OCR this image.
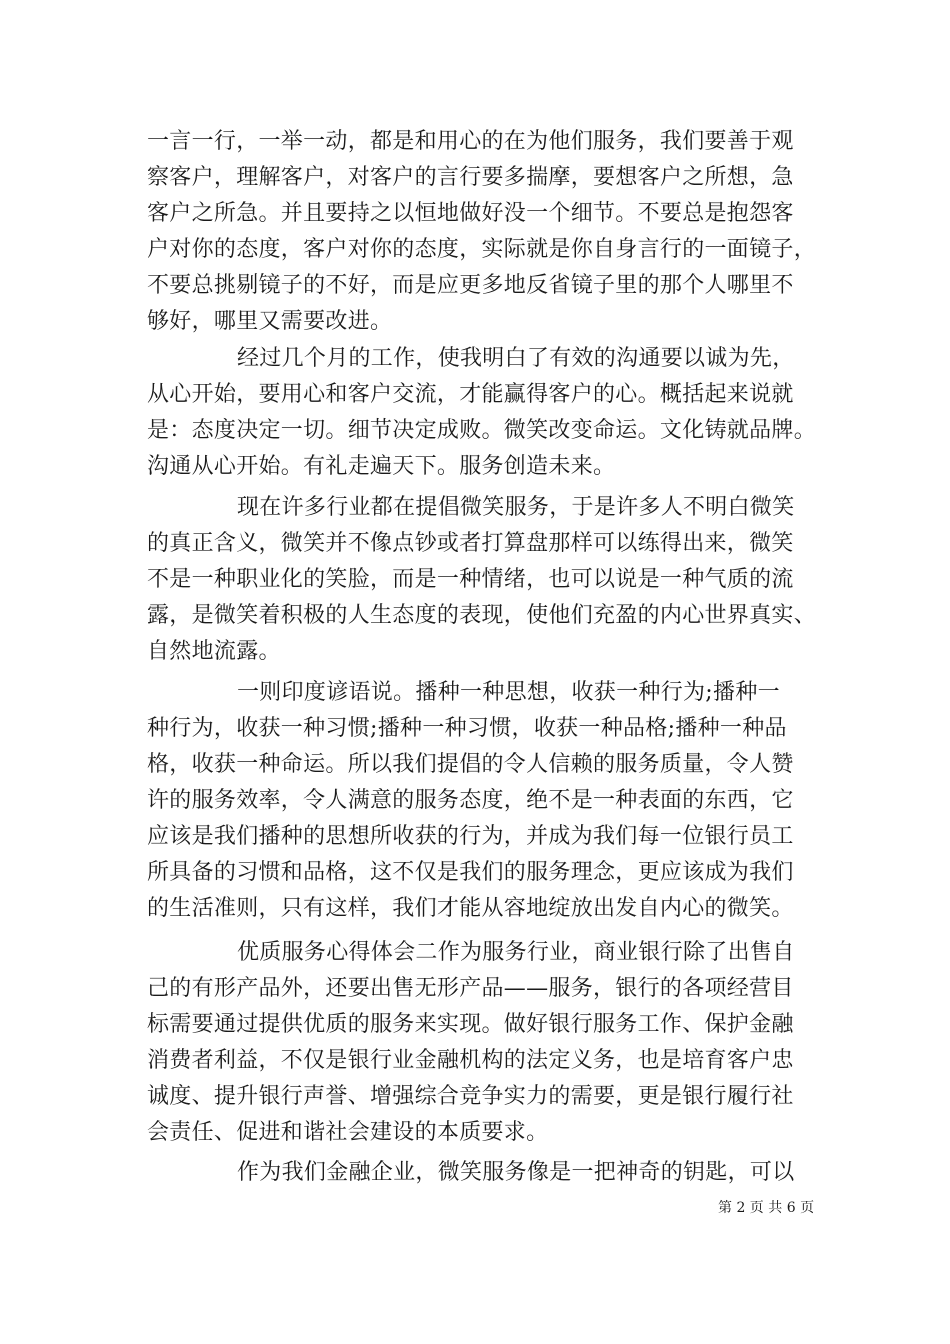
一言一行，一举一动，都是和用心的在为他们服务，我们要善于观
察客户，理解客户，对客户的言行要多揣摩，要想客户之所想，急
客户之所急。并且要持之以恒地做好没一个细节。不要总是抱怨客
户对你的态度，客户对你的态度，实际就是你自身言行的一面镜子，
不要总挑剔镜子的不好，而是应更多地反省镜子里的那个人哪里不
够好，哪里又需要改进。
经过几个月的工作，使我明白了有效的沟通要以诚为先，
从心开始，要用心和客户交流，才能赢得客户的心。概括起来说就
是：态度决定一切。细节决定成败。微笑改变命运。文化铸就品牌。
沟通从心开始。有礼走遍天下。服务创造未来。
现在许多行业都在提倡微笑服务，于是许多人不明白微笑
的真正含义，微笑并不像点钞或者打算盘那样可以练得出来，微笑
不是一种职业化的笑脸，而是一种情绪，也可以说是一种气质的流
露，是微笑着积极的人生态度的表现，使他们充盈的内心世界真实、
自然地流露。
一则印度谚语说。播种一种思想，收获一种行为;播种一
种行为，收获一种习惯;播种一种习惯，收获一种品格;播种一种品
格，收获一种命运。所以我们提倡的令人信赖的服务质量，令人赞
许的服务效率，令人满意的服务态度，绝不是一种表面的东西，它
应该是我们播种的思想所收获的行为，并成为我们每一位银行员工
所具备的习惯和品格，这不仅是我们的服务理念，更应该成为我们
的生活准则，只有这样，我们才能从容地绽放出发自内心的微笑。
优质服务心得体会二作为服务行业，商业银行除了出售自
己的有形产品外，还要出售无形产品——服务，银行的各项经营目
标需要通过提供优质的服务来实现。做好银行服务工作、保护金融
消费者利益，不仅是银行业金融机构的法定义务，也是培育客户忠
诚度、提升银行声誉、增强综合竞争实力的需要，更是银行履行社
会责任、促进和谐社会建设的本质要求。
作为我们金融企业，微笑服务像是一把神奇的钥匙，可以
第 2 页 共 6 页
